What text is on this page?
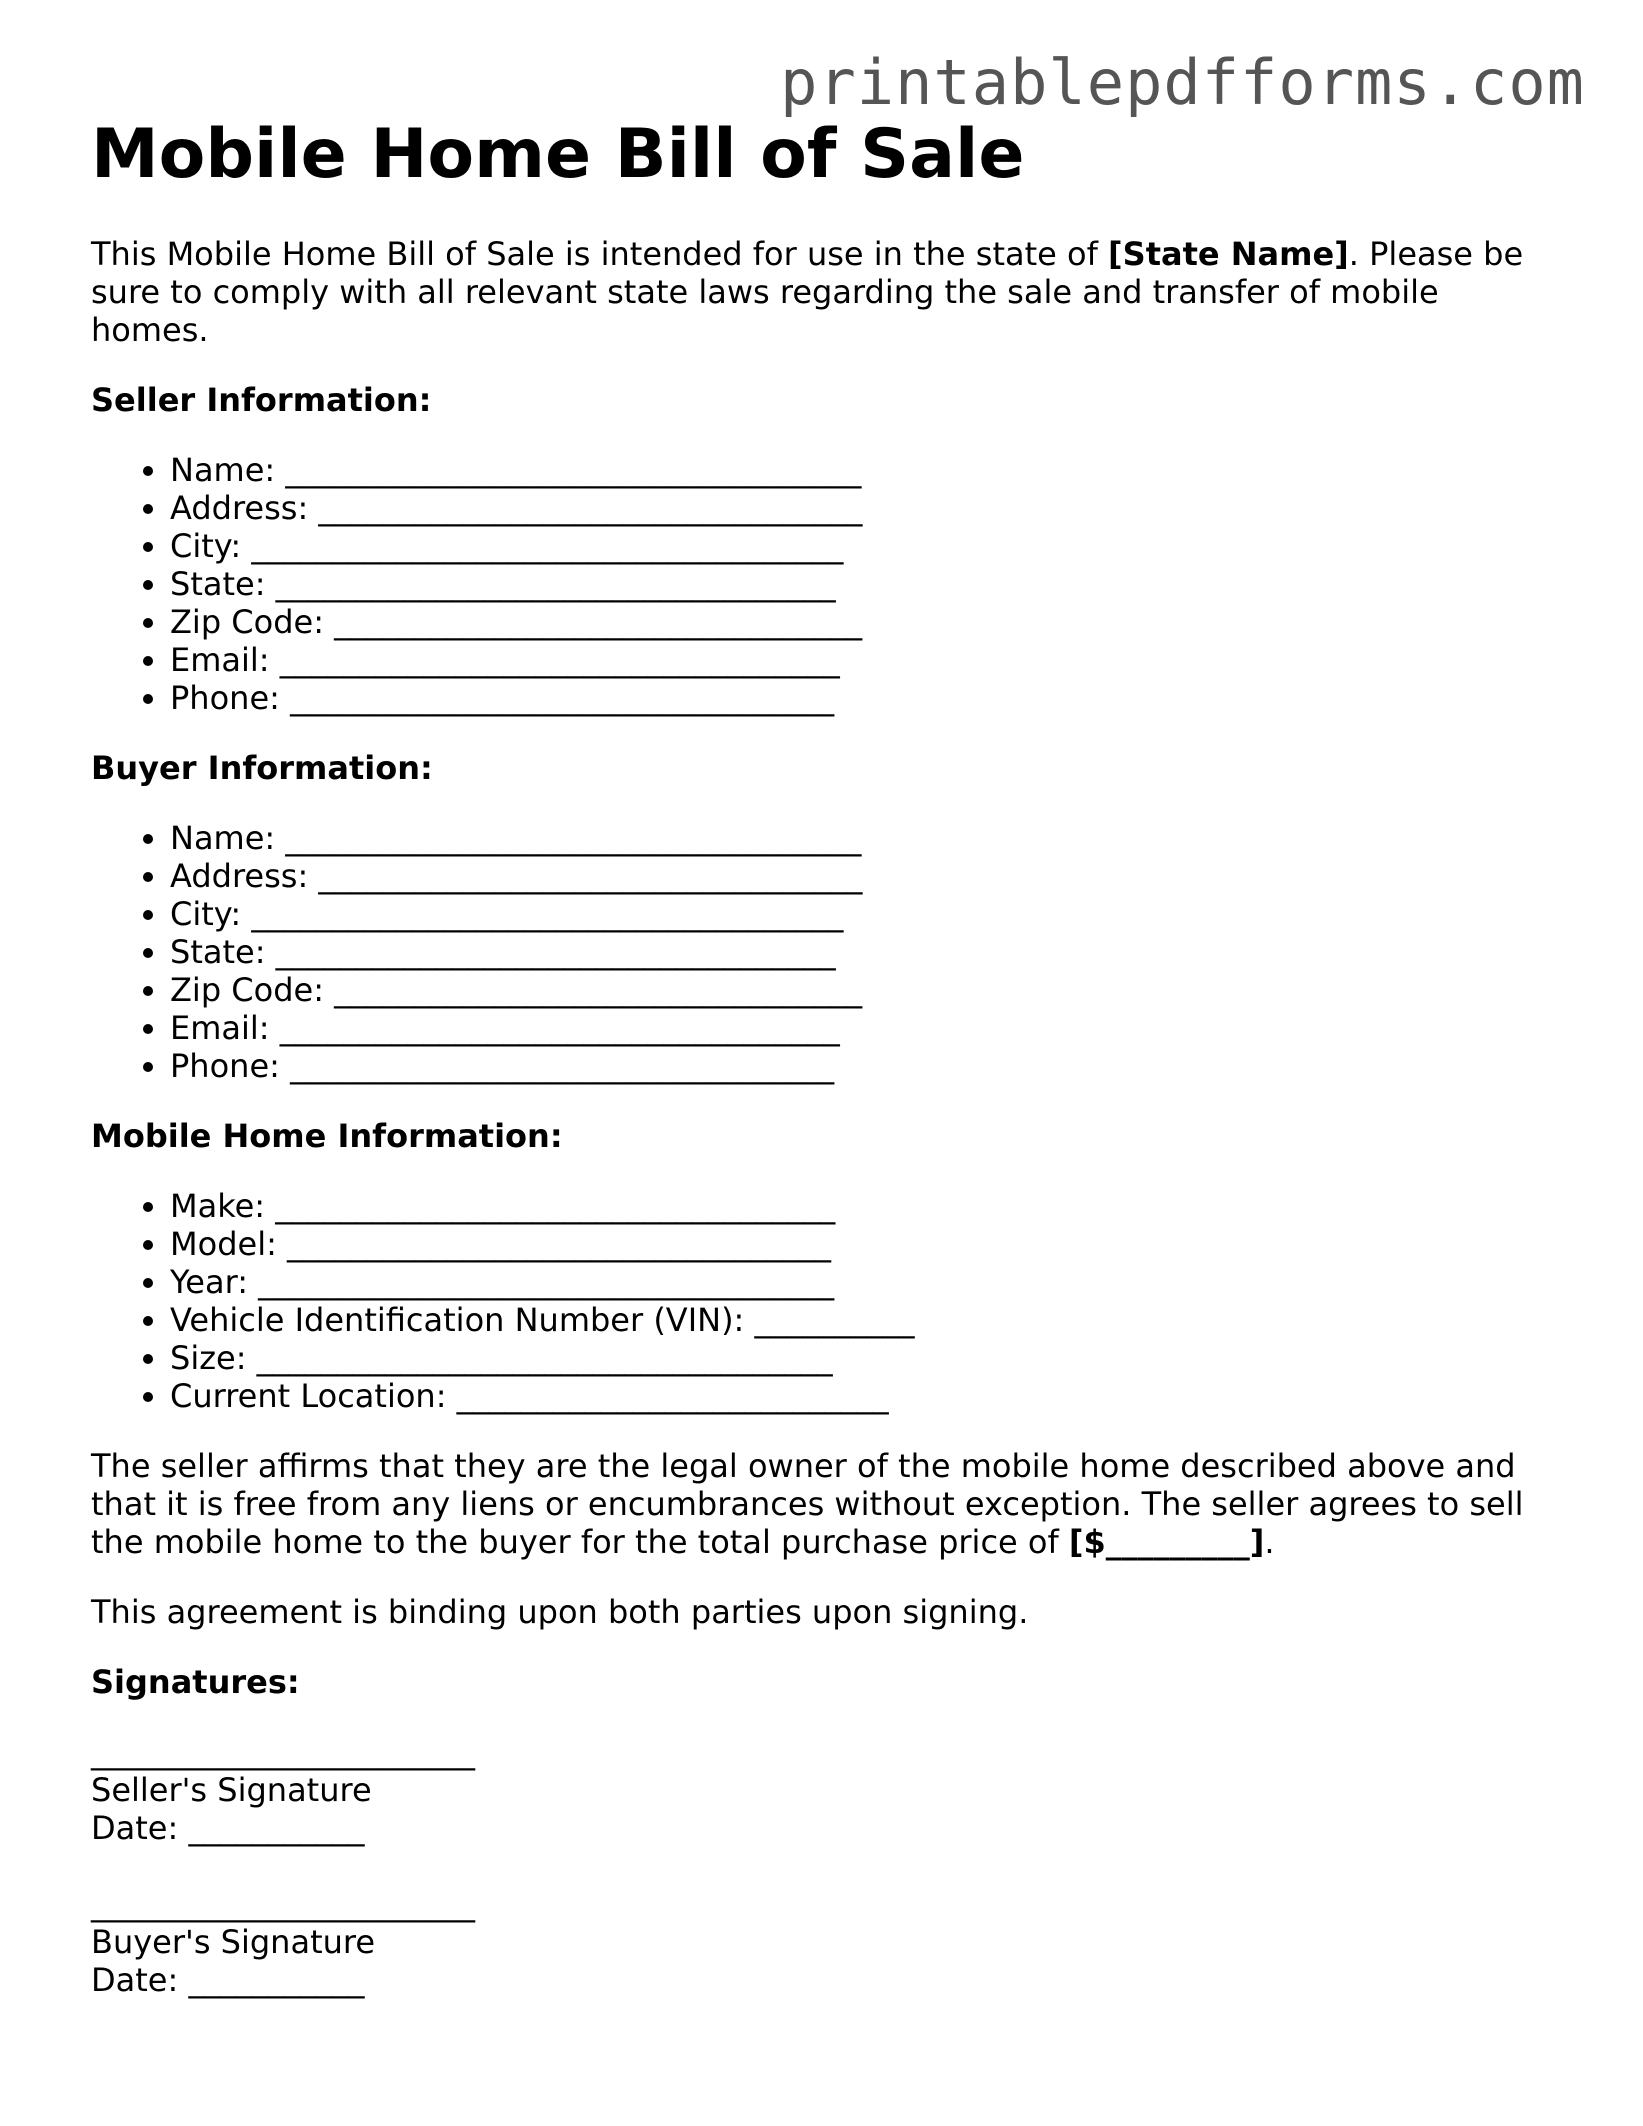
printablepdfforms.com
Mobile Home Bill of Sale

This Mobile Home Bill of Sale is intended for use in the state of [State Name]. Please be sure to comply with all relevant state laws regarding the sale and transfer of mobile homes.

Seller Information:
• Name: ____________________________________
• Address: __________________________________
• City: _____________________________________
• State: ___________________________________
• Zip Code: _________________________________
• Email: ___________________________________
• Phone: __________________________________
Buyer Information:
• Name: ____________________________________
• Address: __________________________________
• City: _____________________________________
• State: ___________________________________
• Zip Code: _________________________________
• Email: ___________________________________
• Phone: __________________________________
Mobile Home Information:
• Make: ___________________________________
• Model: __________________________________
• Year: ____________________________________
• Vehicle Identification Number (VIN): __________
• Size: ____________________________________
• Current Location: ___________________________

The seller affirms that they are the legal owner of the mobile home described above and that it is free from any liens or encumbrances without exception. The seller agrees to sell the mobile home to the buyer for the total purchase price of [$_________].

This agreement is binding upon both parties upon signing.

Signatures:
________________________
Seller's Signature
Date: ___________
________________________
Buyer's Signature
Date: ___________
